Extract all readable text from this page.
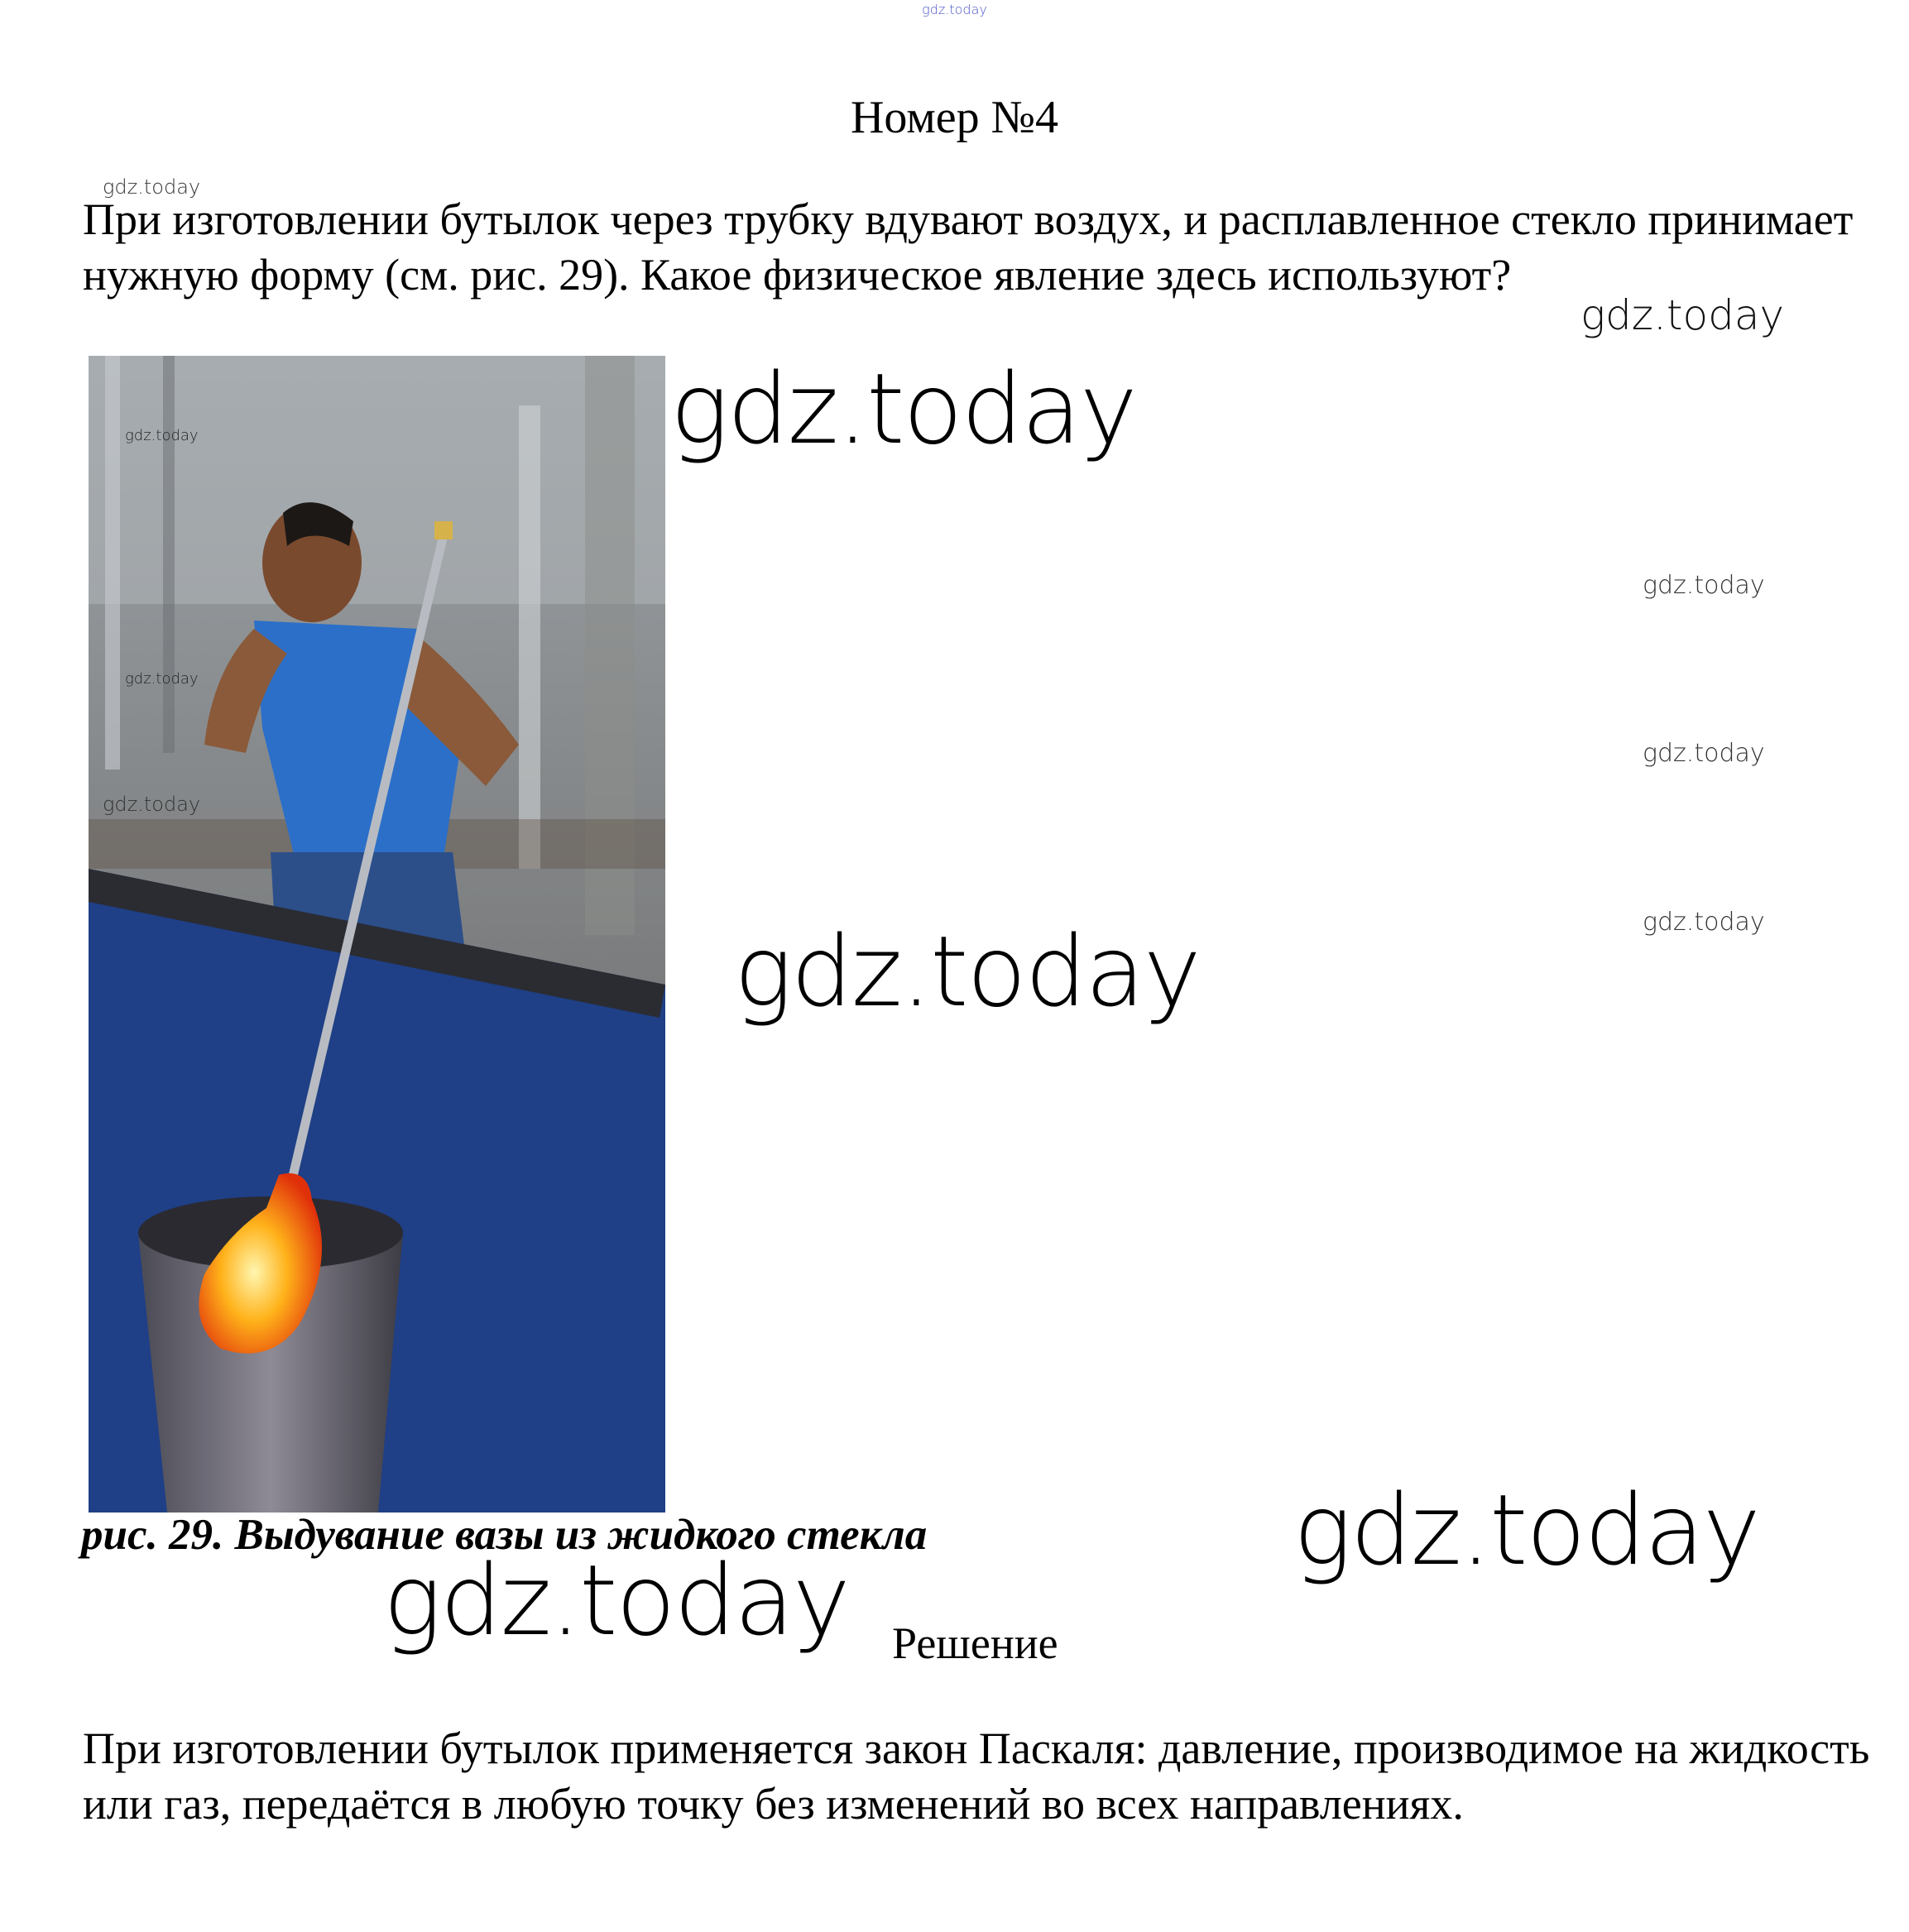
gdz.today
Номер №4
gdz.today
При изготовлении бутылок через трубку вдувают воздух, и расплавленное стекло принимает нужную форму (см. рис. 29). Какое физическое явление здесь используют?
gdz.today
gdz.today
gdz.today
gdz.today
gdz.today
gdz.today
gdz.today
gdz.today
gdz.today
рис. 29. Выдувание вазы из жидкого стекла	gdz.today
gdz.today Решение
При изготовлении бутылок применяется закон Паскаля: давление, производимое на жидкость или газ, передаётся в любую точку без изменений во всех направлениях.
